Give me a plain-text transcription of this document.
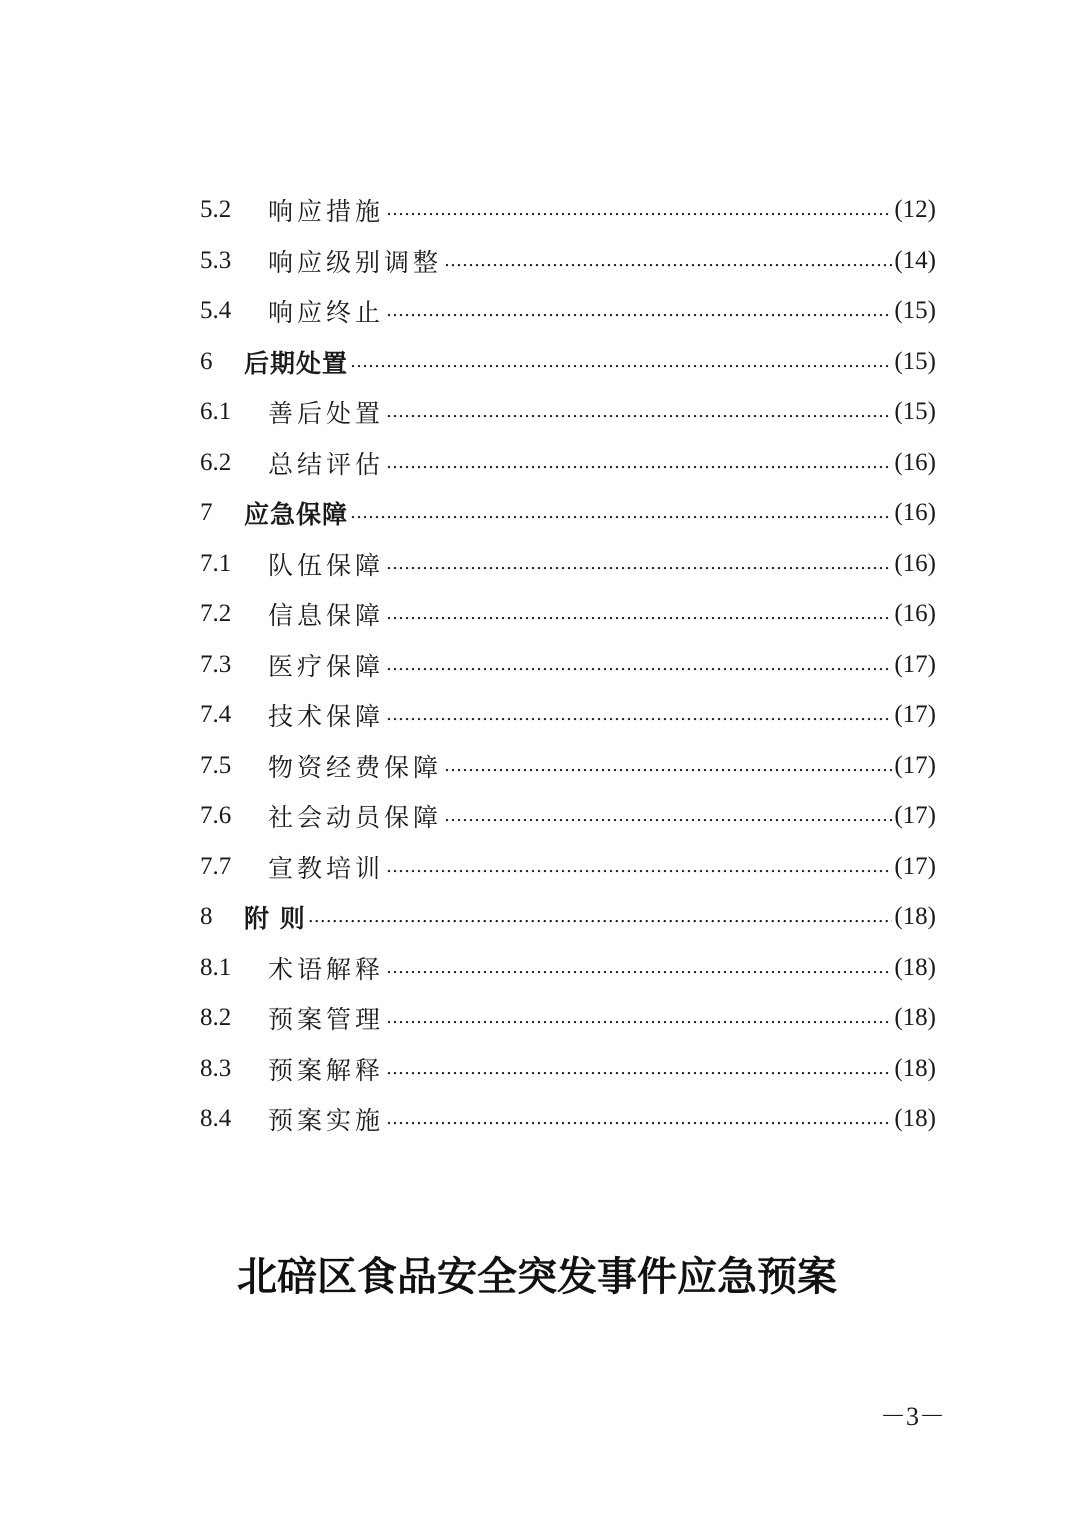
5.2	响应措施 ……………………………………………………………………………………………………	(12)
5.3	响应级别调整 ……………………………………………………………………………………………………	(14)
5.4	响应终止 ……………………………………………………………………………………………………	(15)
6	后期处置 ……………………………………………………………………………………………………	(15)
6.1	善后处置 ……………………………………………………………………………………………………	(15)
6.2	总结评估 ……………………………………………………………………………………………………	(16)
7	应急保障 ……………………………………………………………………………………………………	(16)
7.1	队伍保障 ……………………………………………………………………………………………………	(16)
7.2	信息保障 ……………………………………………………………………………………………………	(16)
7.3	医疗保障 ……………………………………………………………………………………………………	(17)
7.4	技术保障 ……………………………………………………………………………………………………	(17)
7.5	物资经费保障 ……………………………………………………………………………………………………	(17)
7.6	社会动员保障 ……………………………………………………………………………………………………	(17)
7.7	宣教培训 ……………………………………………………………………………………………………	(17)
8	附 则 ……………………………………………………………………………………………………	(18)
8.1	术语解释 ……………………………………………………………………………………………………	(18)
8.2	预案管理 ……………………………………………………………………………………………………	(18)
8.3	预案解释 ……………………………………………………………………………………………………	(18)
8.4	预案实施 ……………………………………………………………………………………………………	(18)
北碚区食品安全突发事件应急预案
－3－
